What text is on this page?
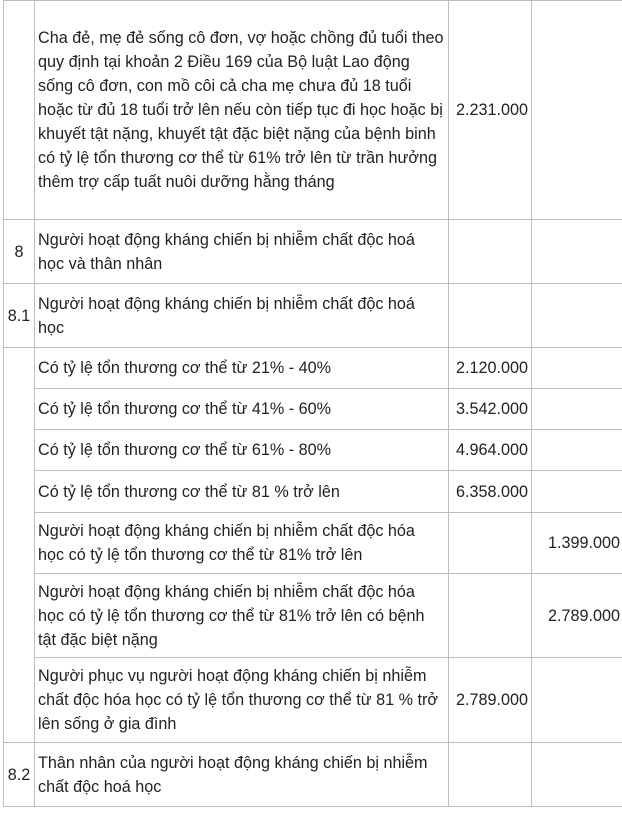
	Cha đẻ, mẹ đẻ sống cô đơn, vợ hoặc chồng đủ tuổi theo quy định tại khoản 2 Điều 169 của Bộ luật Lao động sống cô đơn, con mồ côi cả cha mẹ chưa đủ 18 tuổi hoặc từ đủ 18 tuổi trở lên nếu còn tiếp tục đi học hoặc bị khuyết tật nặng, khuyết tật đặc biệt nặng của bệnh binh có tỷ lệ tổn thương cơ thể từ 61% trở lên từ trần hưởng thêm trợ cấp tuất nuôi dưỡng hằng tháng	2.231.000	
8	Người hoạt động kháng chiến bị nhiễm chất độc hoá học và thân nhân		
8.1	Người hoạt động kháng chiến bị nhiễm chất độc hoá học		
	Có tỷ lệ tổn thương cơ thể từ 21% - 40%	2.120.000	
	Có tỷ lệ tổn thương cơ thể từ 41% - 60%	3.542.000	
	Có tỷ lệ tổn thương cơ thể từ 61% - 80%	4.964.000	
	Có tỷ lệ tổn thương cơ thể từ 81 % trở lên	6.358.000	
	Người hoạt động kháng chiến bị nhiễm chất độc hóa học có tỷ lệ tổn thương cơ thể từ 81% trở lên		1.399.000
	Người hoạt động kháng chiến bị nhiễm chất độc hóa học có tỷ lệ tổn thương cơ thể từ 81% trở lên có bệnh tật đặc biệt nặng		2.789.000
	Người phục vụ người hoạt động kháng chiến bị nhiễm chất độc hóa học có tỷ lệ tổn thương cơ thể từ 81 % trở lên sống ở gia đình	2.789.000	
8.2	Thân nhân của người hoạt động kháng chiến bị nhiễm chất độc hoá học		
